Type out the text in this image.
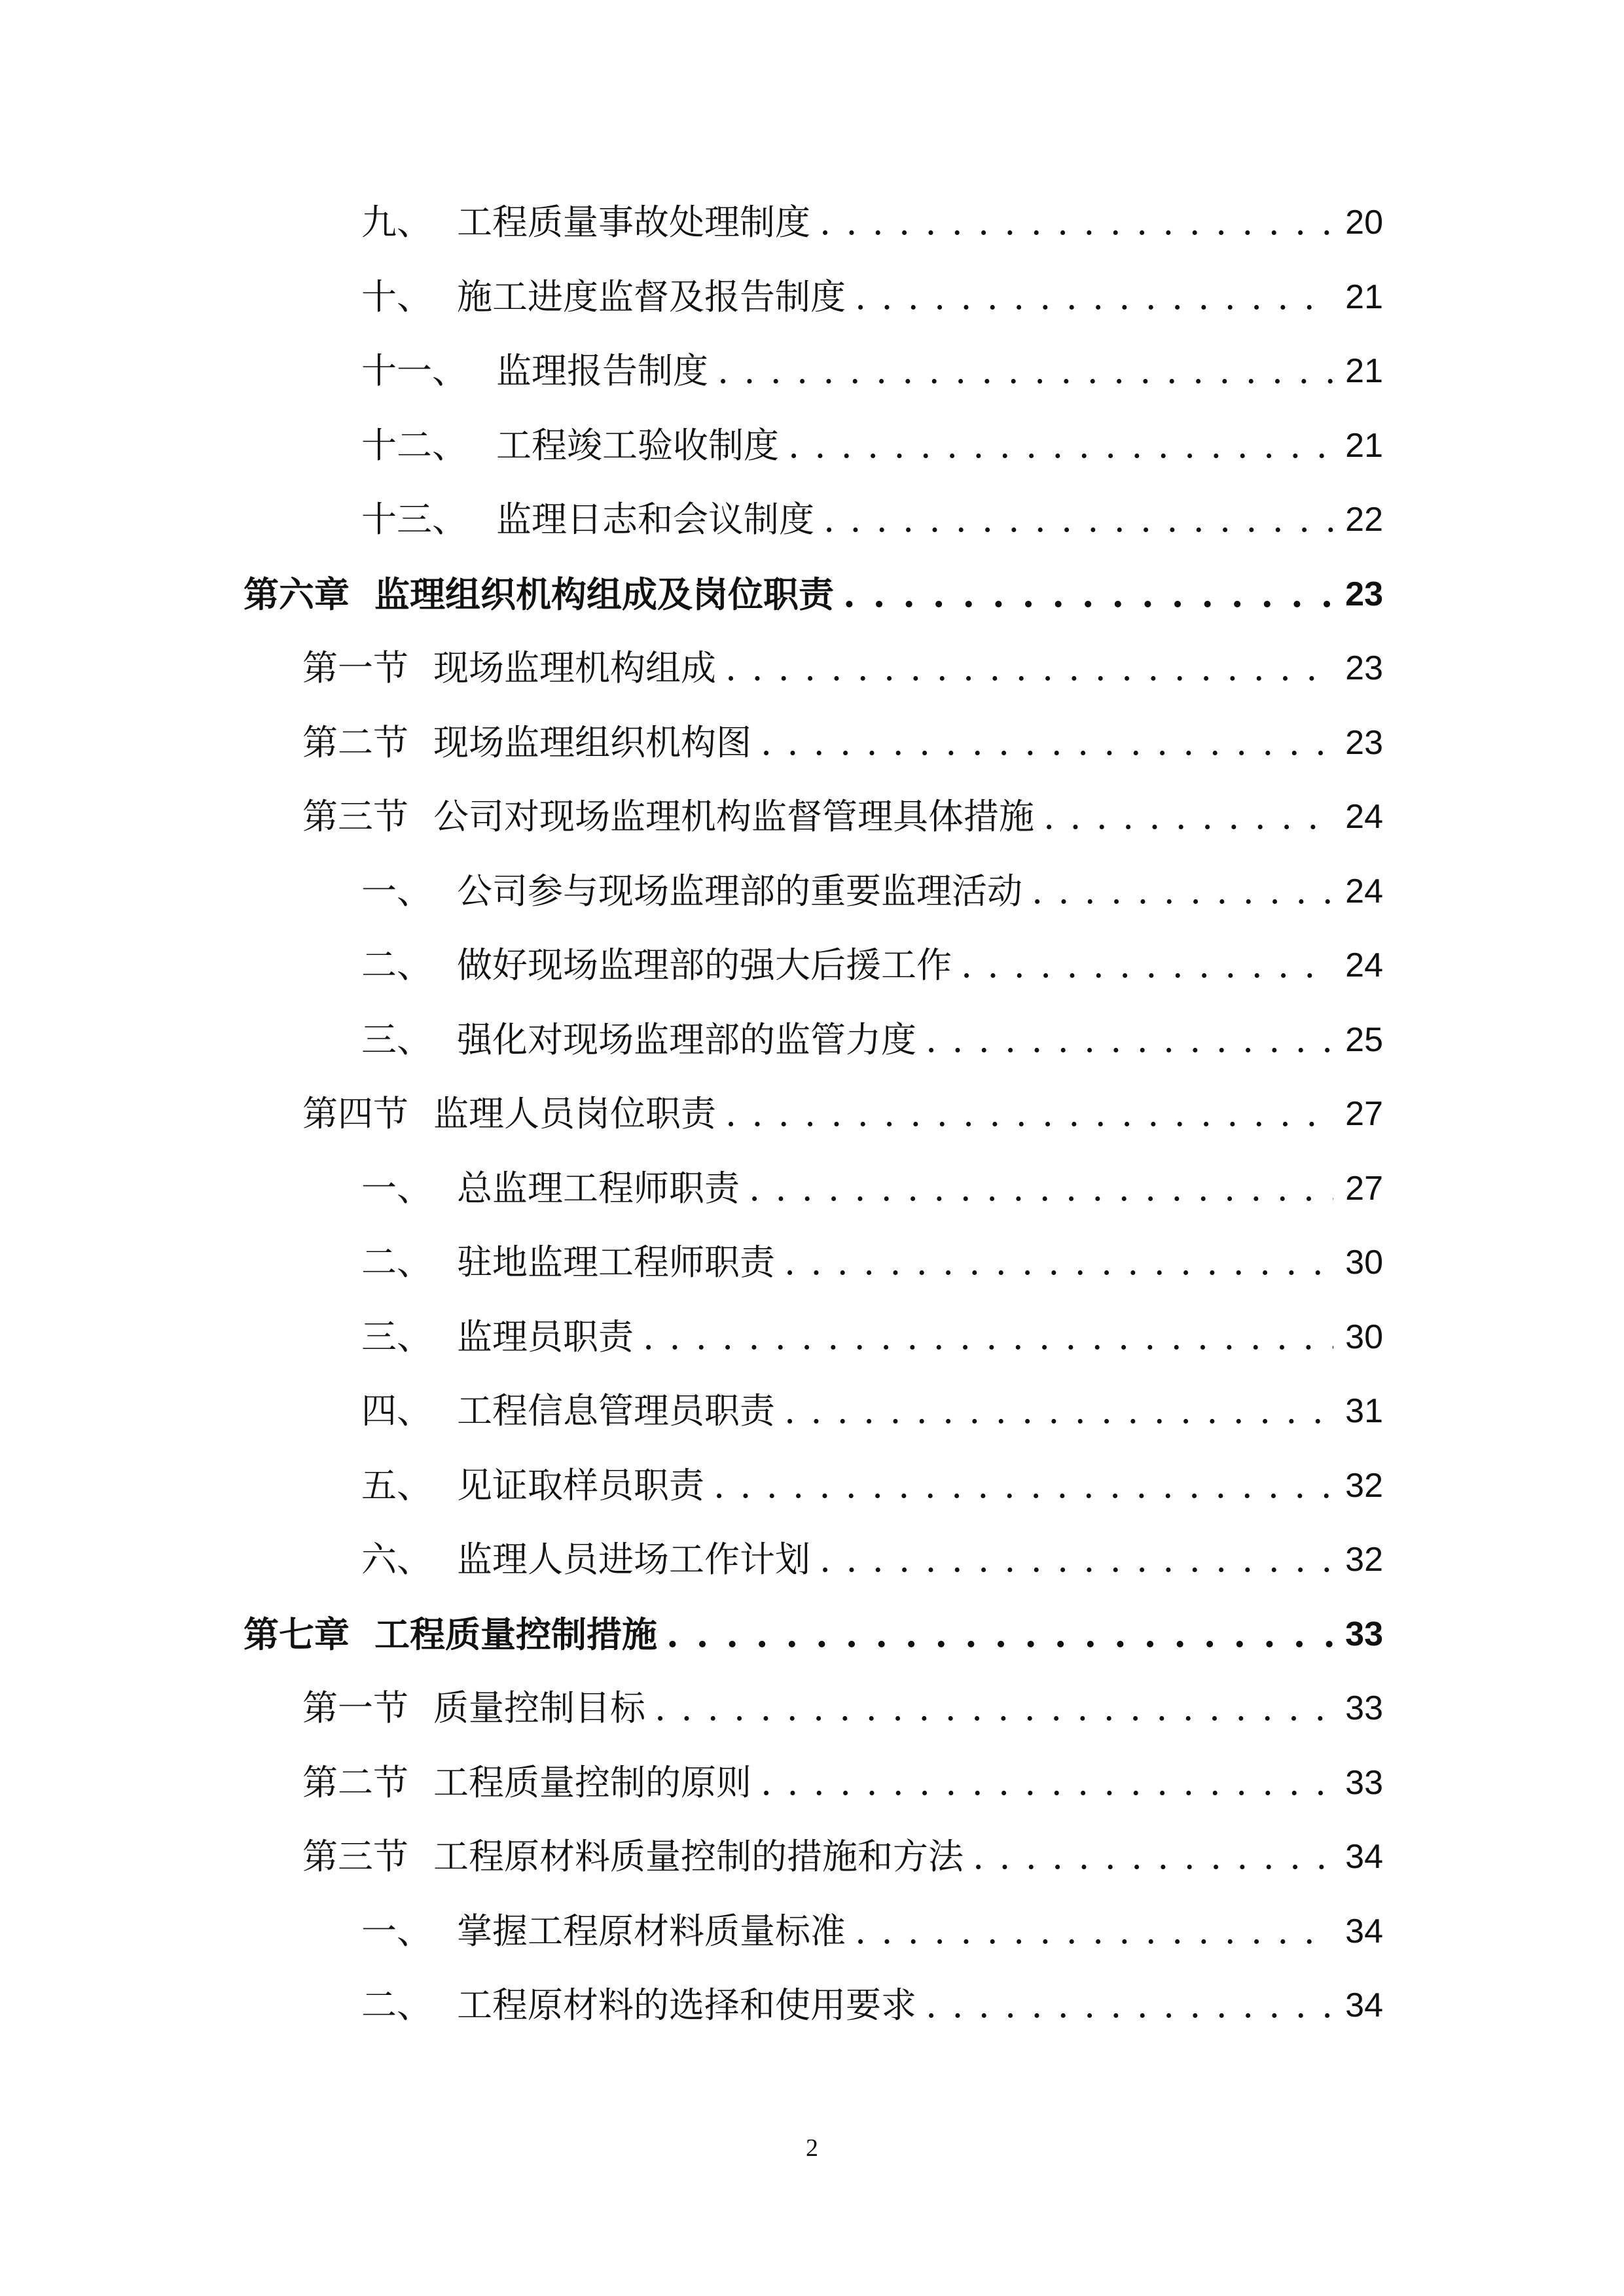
九、 工程质量事故处理制度 . . .	20
十、 施工进度监督及报告制度 . . .	21
十一、 监理报告制度 . . .	21
十二、 工程竣工验收制度 . . .	21
十三、 监理日志和会议制度 . . .	22
第六章 监理组织机构组成及岗位职责 . . .	23
第一节 现场监理机构组成 . . .	23
第二节 现场监理组织机构图 . . .	23
第三节 公司对现场监理机构监督管理具体措施 . . .	24
一、 公司参与现场监理部的重要监理活动 . . .	24
二、 做好现场监理部的强大后援工作 . . .	24
三、 强化对现场监理部的监管力度 . . .	25
第四节 监理人员岗位职责 . . .	27
一、 总监理工程师职责 . . .	27
二、 驻地监理工程师职责 . . .	30
三、 监理员职责 . . .	30
四、 工程信息管理员职责 . . .	31
五、 见证取样员职责 . . .	32
六、 监理人员进场工作计划 . . .	32
第七章 工程质量控制措施 . . .	33
第一节 质量控制目标 . . .	33
第二节 工程质量控制的原则 . . .	33
第三节 工程原材料质量控制的措施和方法 . . .	34
一、 掌握工程原材料质量标准 . . .	34
二、 工程原材料的选择和使用要求 . . .	34
2
